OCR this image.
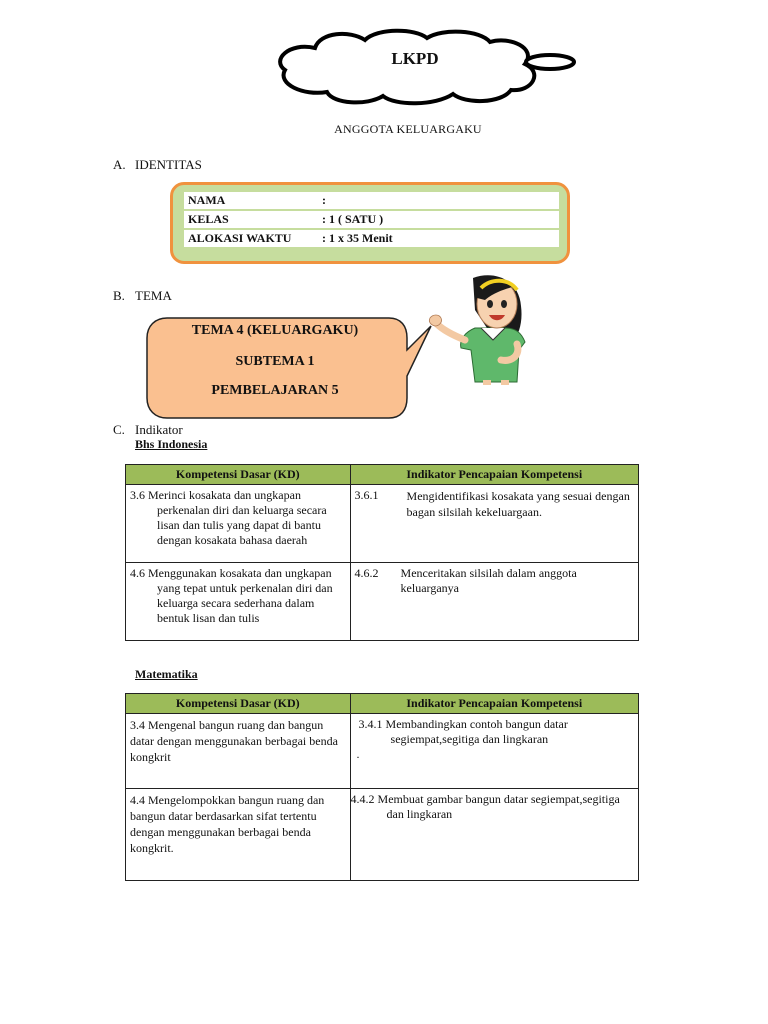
LKPD
ANGGOTA KELUARGAKU
A. IDENTITAS
NAMA	:
KELAS	: 1 ( SATU )
ALOKASI WAKTU	: 1 x 35 Menit
B. TEMA
TEMA 4 (KELUARGAKU)
SUBTEMA 1
PEMBELAJARAN 5
C. Indikator
Bhs Indonesia
Kompetensi Dasar (KD)	Indikator Pencapaian Kompetensi

3.6 Merinci kosakata dan ungkapan perkenalan diri dan keluarga secara lisan dan tulis yang dapat di bantu dengan kosakata bahasa daerah	3.6.1 Mengidentifikasi kosakata yang sesuai dengan bagan silsilah kekeluargaan.

4.6 Menggunakan kosakata dan ungkapan yang tepat untuk perkenalan diri dan keluarga secara sederhana dalam bentuk lisan dan tulis	4.6.2 Menceritakan silsilah dalam anggota keluarganya
Matematika
Kompetensi Dasar (KD)	Indikator Pencapaian Kompetensi

3.4 Mengenal bangun ruang dan bangun datar dengan menggunakan berbagai benda kongkrit	3.4.1 Membandingkan contoh bangun datar segiempat,segitiga dan lingkaran
.

4.4 Mengelompokkan bangun ruang dan bangun datar berdasarkan sifat tertentu dengan menggunakan berbagai benda kongkrit.	4.4.2 Membuat gambar bangun datar segiempat,segitiga dan lingkaran
